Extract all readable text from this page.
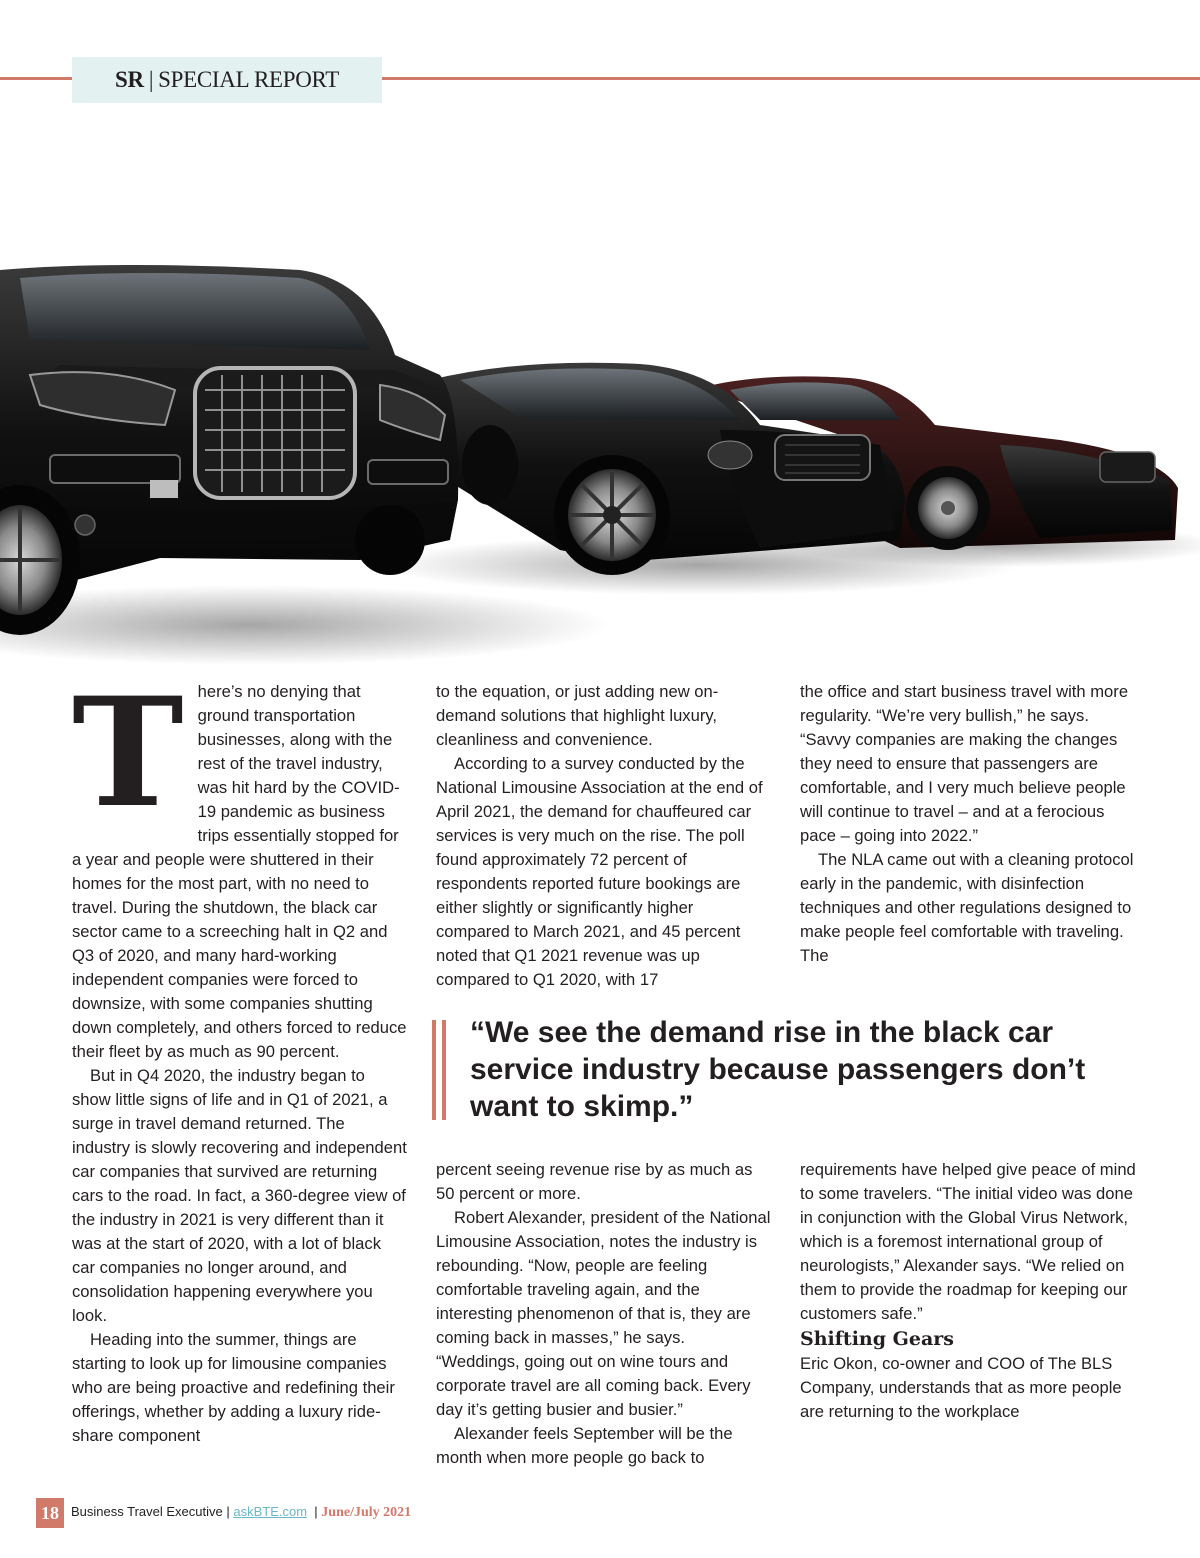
SR | SPECIAL REPORT
T	here’s no denying that ground transportation businesses, along with the rest of the travel industry, was hit hard by the COVID-19 pandemic as business trips essentially stopped for a year and people were shuttered in their homes for the most part, with no need to travel. During the shutdown, the black car sector came to a screeching halt in Q2 and Q3 of 2020, and many hard-working independent companies were forced to downsize, with some companies shutting down completely, and others forced to reduce their fleet by as much as 90 percent.

But in Q4 2020, the industry began to show little signs of life and in Q1 of 2021, a surge in travel demand returned. The industry is slowly recovering and independent car companies that survived are returning cars to the road. In fact, a 360-degree view of the industry in 2021 is very different than it was at the start of 2020, with a lot of black car companies no longer around, and consolidation happening everywhere you look.

Heading into the summer, things are starting to look up for limousine companies who are being proactive and redefining their offerings, whether by adding a luxury ride-share component

to the equation, or just adding new on-demand solutions that highlight luxury, cleanliness and convenience.

According to a survey conducted by the National Limousine Association at the end of April 2021, the demand for chauffeured car services is very much on the rise. The poll found approximately 72 percent of respondents reported future bookings are either slightly or significantly higher compared to March 2021, and 45 percent noted that Q1 2021 revenue was up compared to Q1 2020, with 17

the office and start business travel with more regularity. “We’re very bullish,” he says. “Savvy companies are making the changes they need to ensure that passengers are comfortable, and I very much believe people will continue to travel – and at a ferocious pace – going into 2022.”

The NLA came out with a cleaning protocol early in the pandemic, with disinfection techniques and other regulations designed to make people feel comfortable with traveling. The

“We see the demand rise in the black car service industry because passengers don’t want to skimp.”

percent seeing revenue rise by as much as 50 percent or more.

Robert Alexander, president of the National Limousine Association, notes the industry is rebounding. “Now, people are feeling comfortable traveling again, and the interesting phenomenon of that is, they are coming back in masses,” he says. “Weddings, going out on wine tours and corporate travel are all coming back. Every day it’s getting busier and busier.”

Alexander feels September will be the month when more people go back to

requirements have helped give peace of mind to some travelers. “The initial video was done in conjunction with the Global Virus Network, which is a foremost international group of neurologists,” Alexander says. “We relied on them to provide the roadmap for keeping our customers safe.”

Shifting Gears

Eric Okon, co-owner and COO of The BLS Company, understands that as more people are returning to the workplace

18 Business Travel Executive | askBTE.com  | June/July 2021
